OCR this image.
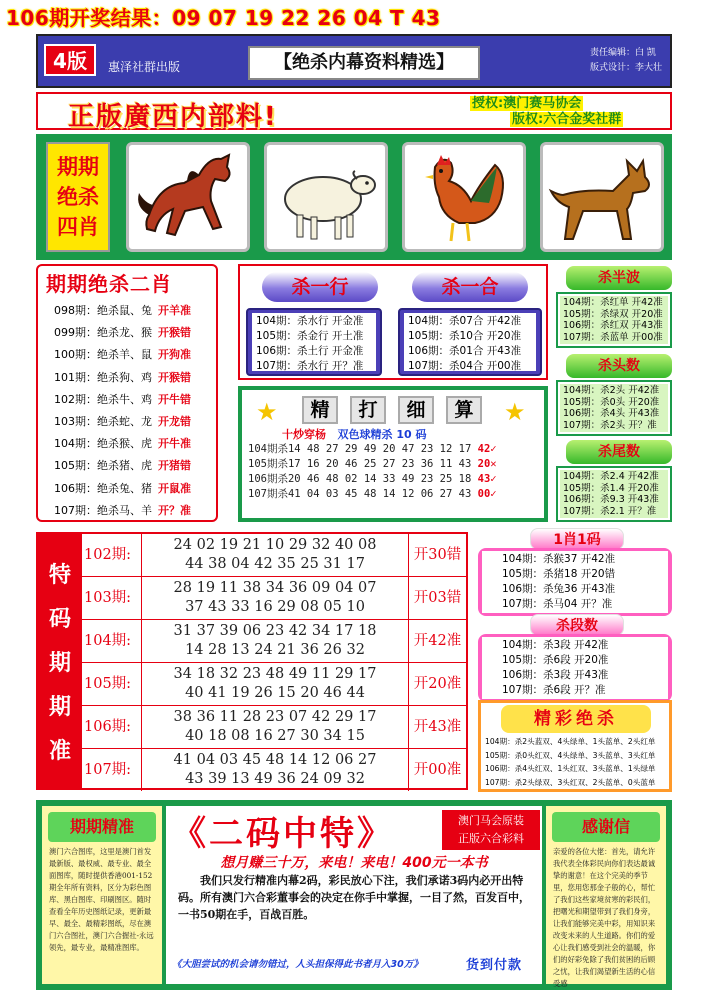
106期开奖结果：09 07 19 22 26 04 T 43
4版	惠泽社群出版	【绝杀内幕资料精选】	责任编辑：白 凯
版式设计：李大壮
正版廣西内部料!	授权:澳门赛马协会
版权:六合金奖社群
期期
绝杀
四肖
期期绝杀二肖
098期：绝杀鼠、兔 开羊准
099期：绝杀龙、猴 开猴错
100期：绝杀羊、鼠 开狗准
101期：绝杀狗、鸡 开猴错
102期：绝杀牛、鸡 开牛错
103期：绝杀蛇、龙 开龙错
104期：绝杀猴、虎 开牛准
105期：绝杀猪、虎 开猪错
106期：绝杀兔、猪 开鼠准
107期：绝杀马、羊 开？准
杀一行	杀一合
104期：杀水行 开金准
105期：杀金行 开土准
106期：杀土行 开金准
107期：杀水行 开？准
104期：杀07合 开42准
105期：杀10合 开20准
106期：杀01合 开43准
107期：杀04合 开00准
★	★
精 打 细 算
十炒穿杨 双色球精杀 10 码
104期杀14 48 27 29 49 20 47 23 12 17 42✓
105期杀17 16 20 46 25 27 23 36 11 43 20✕
106期杀20 46 48 02 14 33 49 23 25 18 43✓
107期杀41 04 03 45 48 14 12 06 27 43 00✓
杀半波
104期：杀红单 开42准
105期：杀绿双 开20准
106期：杀红双 开43准
107期：杀蓝单 开00准
杀头数
104期：杀2头 开42准
105期：杀0头 开20准
106期：杀4头 开43准
107期：杀2头 开？准
杀尾数
104期：杀2.4 开42准
105期：杀1.4 开20准
106期：杀9.3 开43准
107期：杀2.1 开？准
特
码
期
期
准
102期:
24 02 19 21 10 29 32 40 08
44 38 04 42 35 25 31 17
开30错
103期:
28 19 11 38 34 36 09 04 07
37 43 33 16 29 08 05 10
开03错
104期:
31 37 39 06 23 42 34 17 18
14 28 13 24 21 36 26 32
开42准
105期:
34 18 32 23 48 49 11 29 17
40 41 19 26 15 20 46 44
开20准
106期:
38 36 11 28 23 07 42 29 17
40 18 08 16 27 30 34 15
开43准
107期:
41 04 03 45 48 14 12 06 27
43 39 13 49 36 24 09 32
开00准
1肖1码
104期：杀猴37 开42准
105期：杀猪18 开20错
106期：杀兔36 开43准
107期：杀马04 开？准
杀段数
104期：杀3段 开42准
105期：杀6段 开20准
106期：杀3段 开43准
107期：杀6段 开？准
精彩绝杀
104期：杀2头蓝双、4头绿单、1头蓝单、2头红单
105期：杀0头红双、4头绿单、3头蓝单、3头红单
106期：杀4头红双、1头红双、3头蓝单、1头绿单
107期：杀2头绿双、3头红双、2头蓝单、0头蓝单
期期精准
澳门六合图库，这里是澳门首发最新版、最权威、最专业、最全面图库，随时提供香港001-152期全年所有资料，区分为彩色图库、黑白图库、印刷图区。随时查看全年历史图纸记录，更新最早、最全、最精彩图纸，尽在澳门六合图社，澳门六合握社-永远领先，最专业，最精准图库。
《二码中特》	澳门马会原装
正版六合彩料
想月赚三十万，来电！来电！400元一本书
我们只发行精准内幕2码，彩民放心下注，我们承诺3码内必开出特码。所有澳门六合彩董事会的决定在你手中掌握，一目了然，百发百中，一书50期在手，百战百胜。
《大胆尝试的机会请勿错过，人头担保得此书者月入30万》	货到付款
感谢信
亲爱的各位大佬：首先，请允许我代表全体彩民向你们表达最诚挚的谢意！在这个完美的季节里，您用您那金子般的心，帮忙了我们这些家境贫寒的彩民们，把曙光和期望带到了我们身旁，让我们能够完美中彩，用知识来改变未来的人生道路。你们的爱心让我们感受到社会的温暖，你们的好彩免除了我们贫困的后顾之忧，让我们渴望新生活的心信受感
